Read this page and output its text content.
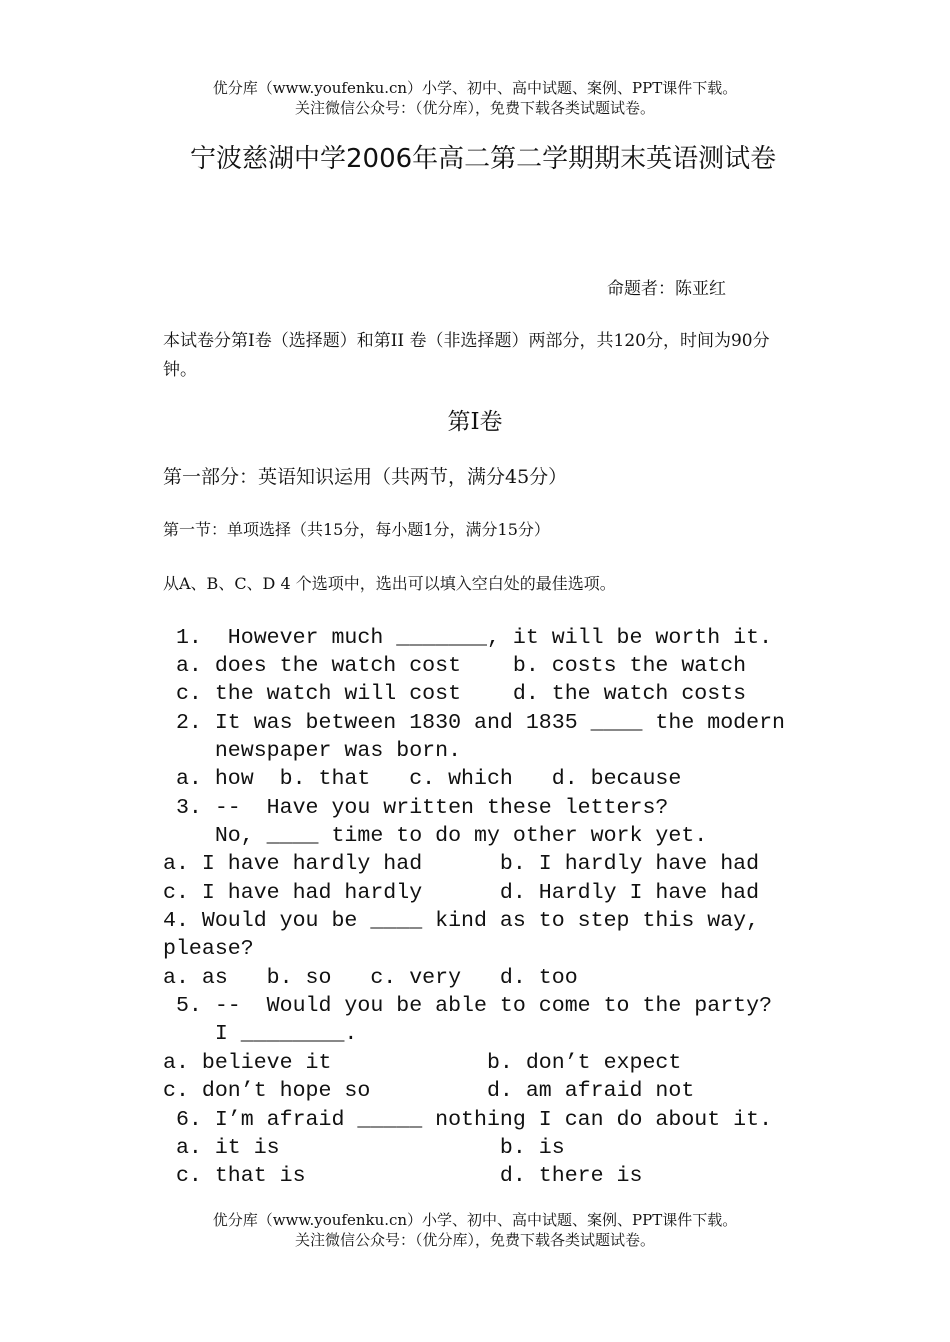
优分库（www.youfenku.cn）小学、初中、高中试题、案例、PPT课件下载。
关注微信公众号：（优分库），免费下载各类试题试卷。
宁波慈湖中学2006年高二第二学期期末英语测试卷
命题者：陈亚红
本试卷分第Ⅰ卷（选择题）和第II 卷（非选择题）两部分，共120分，时间为90分钟。
第Ⅰ卷
第一部分：英语知识运用（共两节，满分45分）
第一节：单项选择（共15分，每小题1分，满分15分）
从A、B、C、D 4 个选项中，选出可以填入空白处的最佳选项。
1.  However much _______, it will be worth it.
a. does the watch cost    b. costs the watch
c. the watch will cost    d. the watch costs
2. It was between 1830 and 1835 ____ the modern
newspaper was born.
a. how  b. that   c. which   d. because
3. --  Have you written these letters?
No, ____ time to do my other work yet.
a. I have hardly had      b. I hardly have had
c. I have had hardly      d. Hardly I have had
4. Would you be ____ kind as to step this way,
please?
a. as   b. so   c. very   d. too
5. --  Would you be able to come to the party?
I ________.
a. believe it            b. don’t expect
c. don’t hope so         d. am afraid not
6. I’m afraid _____ nothing I can do about it.
a. it is                 b. is
c. that is               d. there is
优分库（www.youfenku.cn）小学、初中、高中试题、案例、PPT课件下载。
关注微信公众号：（优分库），免费下载各类试题试卷。
